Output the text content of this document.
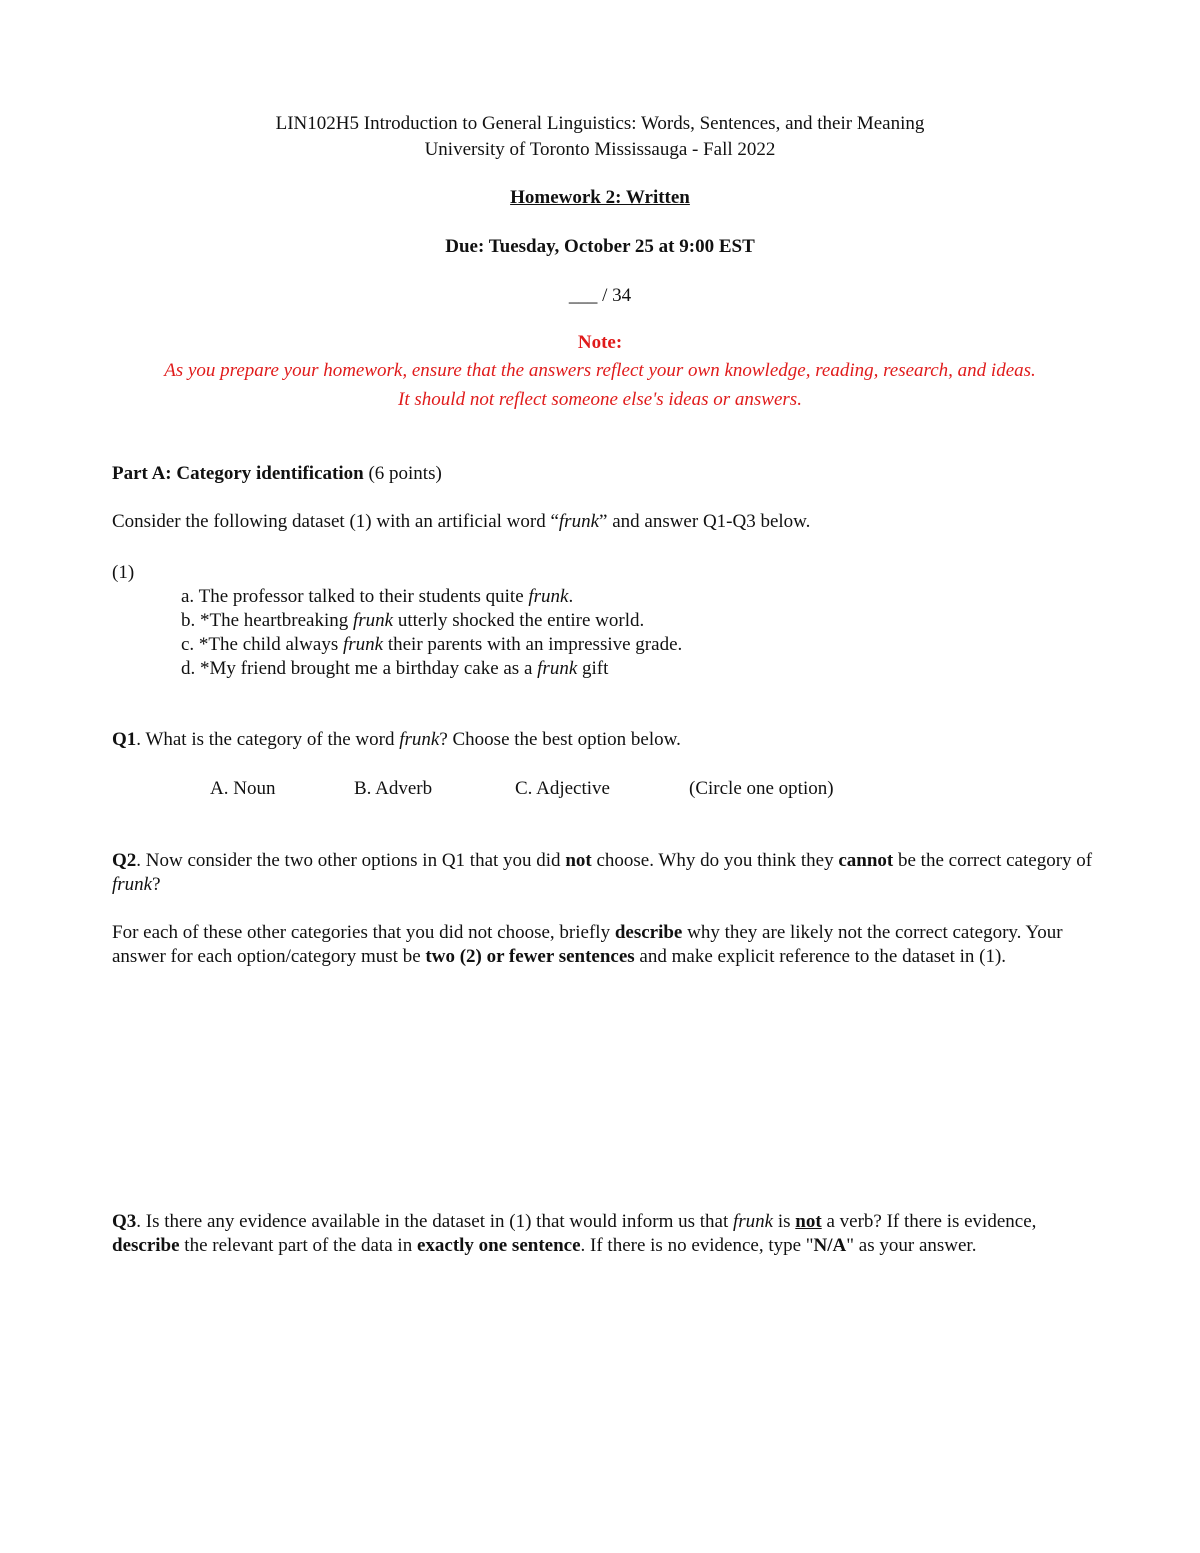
LIN102H5 Introduction to General Linguistics: Words, Sentences, and their Meaning
University of Toronto Mississauga - Fall 2022
Homework 2: Written
Due: Tuesday, October 25 at 9:00 EST
___ / 34
Note:
As you prepare your homework, ensure that the answers reflect your own knowledge, reading, research, and ideas.
It should not reflect someone else's ideas or answers.
Part A: Category identification (6 points)
Consider the following dataset (1) with an artificial word “frunk” and answer Q1-Q3 below.
(1)
a. The professor talked to their students quite frunk.
b. *The heartbreaking frunk utterly shocked the entire world.
c. *The child always frunk their parents with an impressive grade.
d. *My friend brought me a birthday cake as a frunk gift
Q1. What is the category of the word frunk? Choose the best option below.
A. Noun	B. Adverb	C. Adjective	(Circle one option)
Q2. Now consider the two other options in Q1 that you did not choose. Why do you think they cannot be the correct category of frunk?
For each of these other categories that you did not choose, briefly describe why they are likely not the correct category. Your answer for each option/category must be two (2) or fewer sentences and make explicit reference to the dataset in (1).
Q3. Is there any evidence available in the dataset in (1) that would inform us that frunk is not a verb? If there is evidence, describe the relevant part of the data in exactly one sentence. If there is no evidence, type "N/A" as your answer.
